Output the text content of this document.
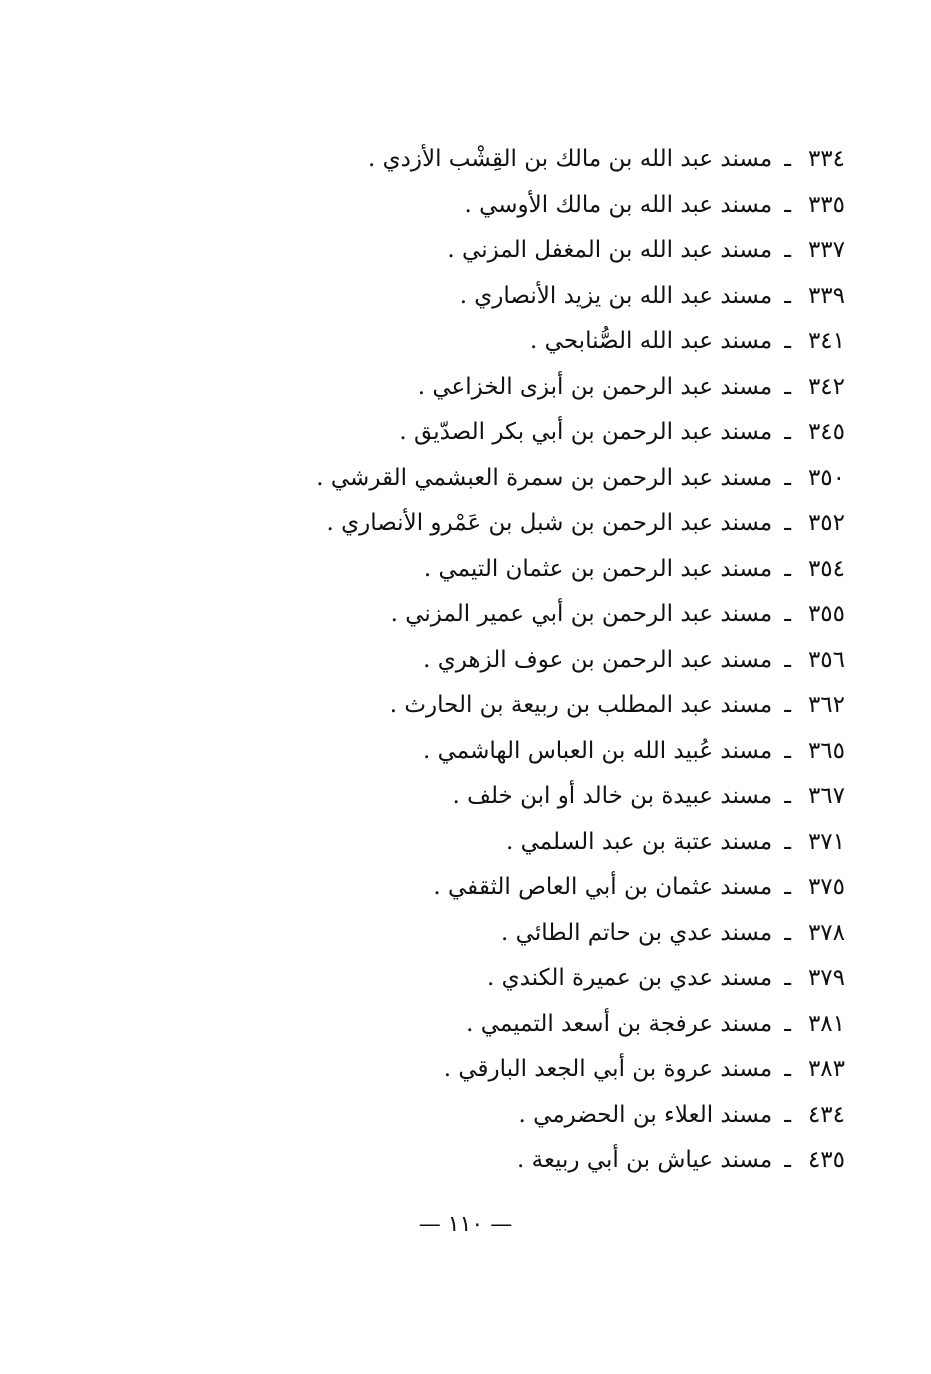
٣٣٤ـمسند عبد الله بن مالك بن القِشْب الأزدي .
٣٣٥ـمسند عبد الله بن مالك الأوسي .
٣٣٧ـمسند عبد الله بن المغفل المزني .
٣٣٩ـمسند عبد الله بن يزيد الأنصاري .
٣٤١ـمسند عبد الله الصُّنابحي .
٣٤٢ـمسند عبد الرحمن بن أبزى الخزاعي .
٣٤٥ـمسند عبد الرحمن بن أبي بكر الصدّيق .
٣٥٠ـمسند عبد الرحمن بن سمرة العبشمي القرشي .
٣٥٢ـمسند عبد الرحمن بن شبل بن عَمْرو الأنصاري .
٣٥٤ـمسند عبد الرحمن بن عثمان التيمي .
٣٥٥ـمسند عبد الرحمن بن أبي عمير المزني .
٣٥٦ـمسند عبد الرحمن بن عوف الزهري .
٣٦٢ـمسند عبد المطلب بن ربيعة بن الحارث .
٣٦٥ـمسند عُبيد الله بن العباس الهاشمي .
٣٦٧ـمسند عبيدة بن خالد أو ابن خلف .
٣٧١ـمسند عتبة بن عبد السلمي .
٣٧٥ـمسند عثمان بن أبي العاص الثقفي .
٣٧٨ـمسند عدي بن حاتم الطائي .
٣٧٩ـمسند عدي بن عميرة الكندي .
٣٨١ـمسند عرفجة بن أسعد التميمي .
٣٨٣ـمسند عروة بن أبي الجعد البارقي .
٤٣٤ـمسند العلاء بن الحضرمي .
٤٣٥ـمسند عياش بن أبي ربيعة .
— ١١٠ —
